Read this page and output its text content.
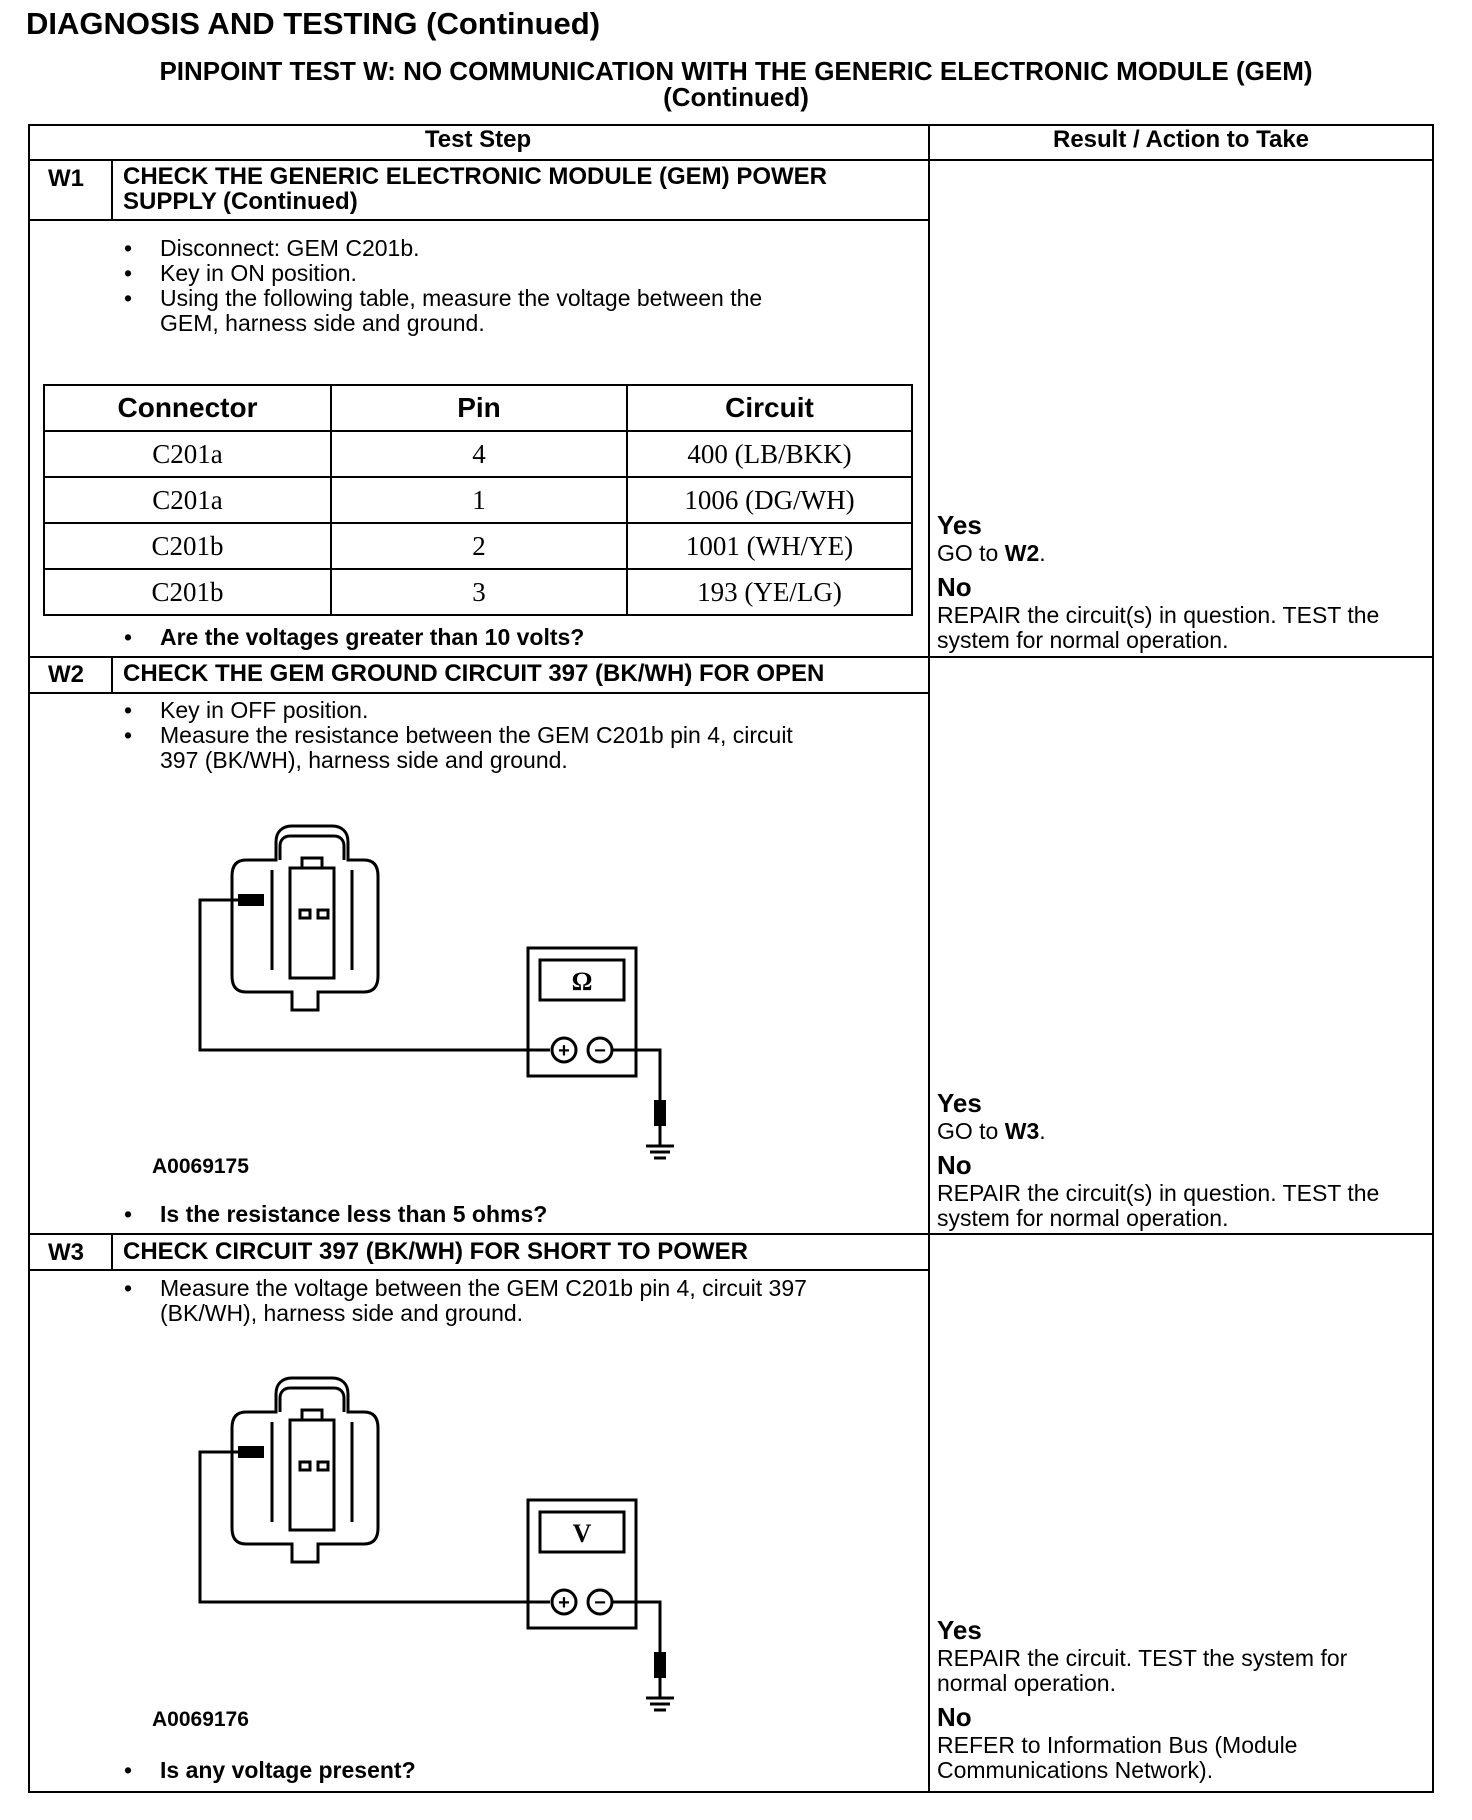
DIAGNOSIS AND TESTING (Continued)
PINPOINT TEST W: NO COMMUNICATION WITH THE GENERIC ELECTRONIC MODULE (GEM)
(Continued)
Test Step	Result / Action to Take
W1 CHECK THE GENERIC ELECTRONIC MODULE (GEM) POWER
SUPPLY (Continued)
• Disconnect: GEM C201b.
• Key in ON position.
• Using the following table, measure the voltage between the
GEM, harness side and ground.
Connector	Pin	Circuit
C201a	4	400 (LB/BKK)
C201a	1	1006 (DG/WH)
C201b	2	1001 (WH/YE)
C201b	3	193 (YE/LG)
• Are the voltages greater than 10 volts?
Yes
GO to W2.
No
REPAIR the circuit(s) in question. TEST the system for normal operation.
W2 CHECK THE GEM GROUND CIRCUIT 397 (BK/WH) FOR OPEN
• Key in OFF position.
• Measure the resistance between the GEM C201b pin 4, circuit
397 (BK/WH), harness side and ground.
Ω
+ −
A0069175
• Is the resistance less than 5 ohms?
Yes
GO to W3.
No
REPAIR the circuit(s) in question. TEST the system for normal operation.
W3 CHECK CIRCUIT 397 (BK/WH) FOR SHORT TO POWER
• Measure the voltage between the GEM C201b pin 4, circuit 397
(BK/WH), harness side and ground.
V
+ −
A0069176
• Is any voltage present?
Yes
REPAIR the circuit. TEST the system for normal operation.
No
REFER to Information Bus (Module Communications Network).
